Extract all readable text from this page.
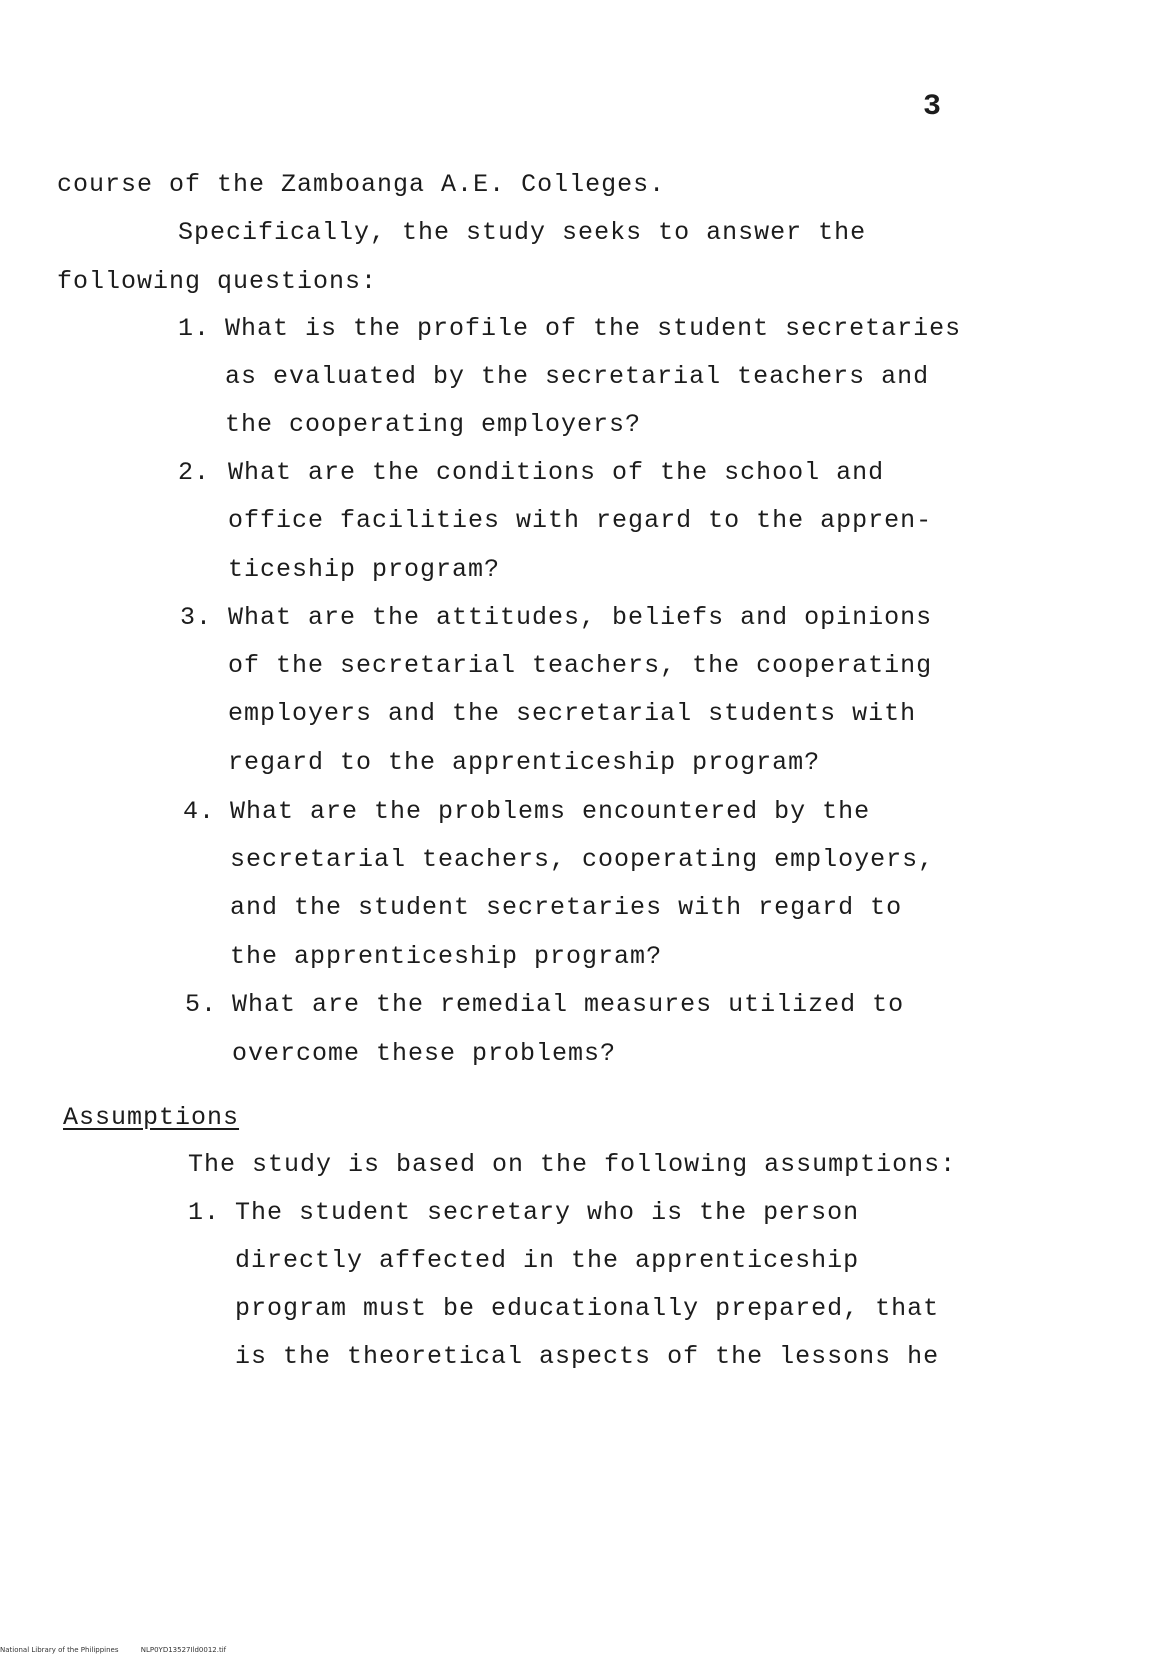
3
course of the Zamboanga A.E. Colleges.
Specifically, the study seeks to answer the
following questions:
1. What is the profile of the student secretaries
as evaluated by the secretarial teachers and
the cooperating employers?
2. What are the conditions of the school and
office facilities with regard to the appren-
ticeship program?
3. What are the attitudes, beliefs and opinions
of the secretarial teachers, the cooperating
employers and the secretarial students with
regard to the apprenticeship program?
4. What are the problems encountered by the
secretarial teachers, cooperating employers,
and the student secretaries with regard to
the apprenticeship program?
5. What are the remedial measures utilized to
overcome these problems?
Assumptions
The study is based on the following assumptions:
1. The student secretary who is the person
directly affected in the apprenticeship
program must be educationally prepared, that
is the theoretical aspects of the lessons he
National Library of the Philippines	NLP0YD13527Ild0012.tif
